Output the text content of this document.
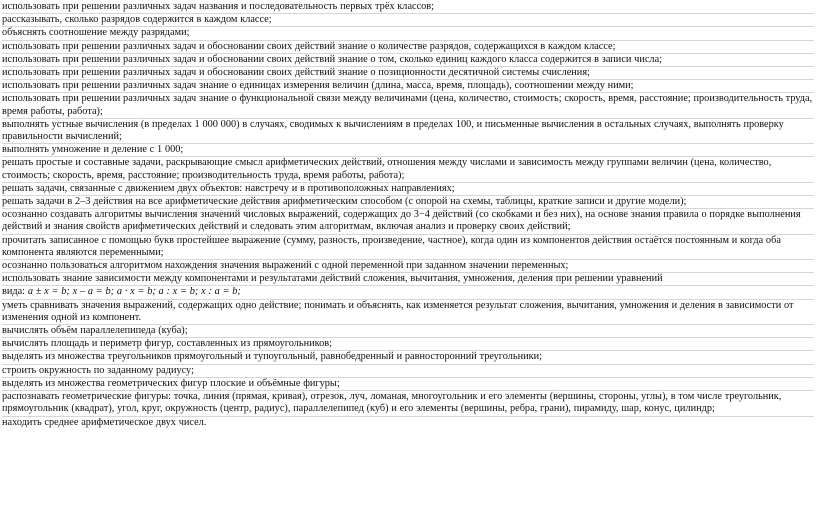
использовать при решении различных задач названия и последовательность первых трёх классов;

рассказывать, сколько разрядов содержится в каждом классе;

объяснять соотношение между разрядами;

использовать при решении различных задач и обосновании своих действий знание о количестве разрядов, содержащихся в каждом классе;

использовать при решении различных задач и обосновании своих действий знание о том, сколько единиц каждого класса содержится в записи числа;

использовать при решении различных задач и обосновании своих действий знание о позиционности десятичной системы счисления;

использовать при решении различных задач знание о единицах измерения величин (длина, масса, время, площадь), соотношении между ними;

использовать при решении различных задач знание о функциональной связи между величинами (цена, количество, стоимость; скорость, время, расстояние; производительность труда, время работы, работа);

выполнять устные вычисления (в пределах 1 000 000) в случаях, сводимых к вычислениям в пределах 100, и письменные вычисления в остальных случаях, выполнять проверку правильности вычислений;

выполнять умножение и деление с 1 000;

решать простые и составные задачи, раскрывающие смысл арифметических действий, отношения между числами и зависимость между группами величин (цена, количество, стоимость; скорость, время, расстояние; производительность труда, время работы, работа);

решать задачи, связанные с движением двух объектов: навстречу и в противоположных направлениях;

решать задачи в 2–3 действия на все арифметические действия арифметическим способом (с опорой на схемы, таблицы, краткие записи и другие модели);

осознанно создавать алгоритмы вычисления значений числовых выражений, содержащих до 3−4 действий (со скобками и без них), на основе знания правила о порядке выполнения действий и знания свойств арифметических действий и следовать этим алгоритмам, включая анализ и проверку своих действий;

прочитать записанное с помощью букв простейшее выражение (сумму, разность, произведение, частное), когда один из компонентов действия остаётся постоянным и когда оба компонента являются переменными;

осознанно пользоваться алгоритмом нахождения значения выражений с одной переменной при заданном значении переменных;

использовать знание зависимости между компонентами и результатами действий сложения, вычитания, умножения, деления при решении уравнений

вида: a ± x = b; x – a = b; a · x = b; a : x = b; x : a = b;

уметь сравнивать значения выражений, содержащих одно действие; понимать и объяснять, как изменяется результат сложения, вычитания, умножения и деления в зависимости от изменения одной из компонент.

вычислять объём параллелепипеда (куба);

вычислять площадь и периметр фигур, составленных из прямоугольников;

выделять из множества треугольников прямоугольный и тупоугольный, равнобедренный и равносторонний треугольники;

строить окружность по заданному радиусу;

выделять из множества геометрических фигур плоские и объёмные фигуры;

распознавать геометрические фигуры: точка, линия (прямая, кривая), отрезок, луч, ломаная, многоугольник и его элементы (вершины, стороны, углы), в том числе треугольник, прямоугольник (квадрат), угол, круг, окружность (центр, радиус), параллелепипед (куб) и его элементы (вершины, ребра, грани), пирамиду, шар, конус, цилиндр;

находить среднее арифметическое двух чисел.
